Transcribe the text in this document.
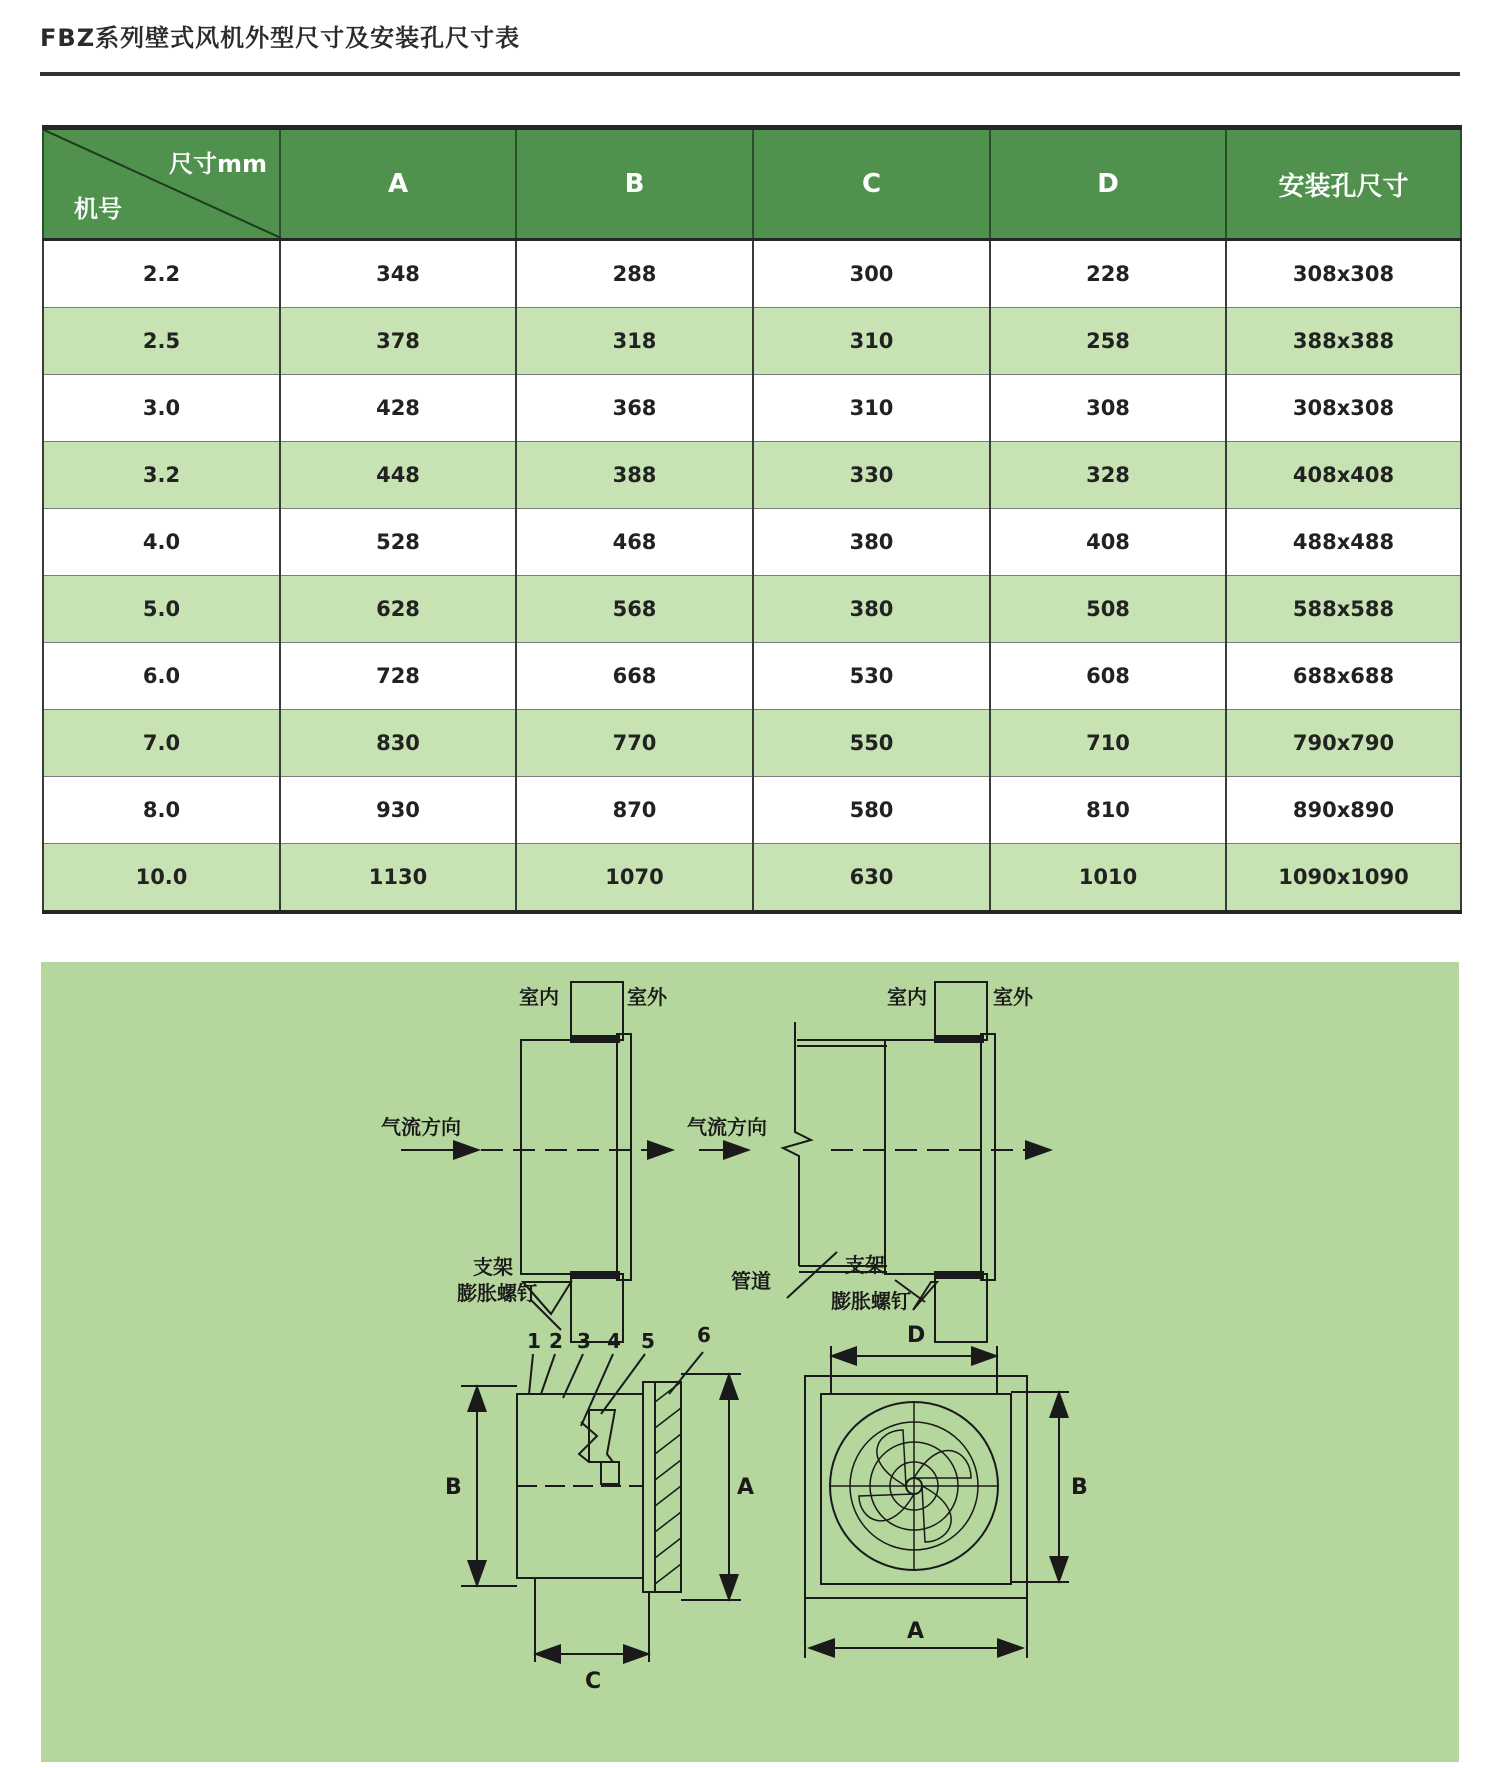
FBZ系列壁式风机外型尺寸及安装孔尺寸表
尺寸mm
机号	A	B	C	D	安装孔尺寸
2.2	348	288	300	228	308x308
2.5	378	318	310	258	388x388
3.0	428	368	310	308	308x308
3.2	448	388	330	328	408x408
4.0	528	468	380	408	488x488
5.0	628	568	380	508	588x588
6.0	728	668	530	608	688x688
7.0	830	770	550	710	790x790
8.0	930	870	580	810	890x890
10.0	1130	1070	630	1010	1090x1090
室内	室外
气流方向
支架
膨胀螺钉
室内	室外
气流方向
管道
支架
膨胀螺钉
1 2 3 4 5 6
B	A
C
D
B
A
